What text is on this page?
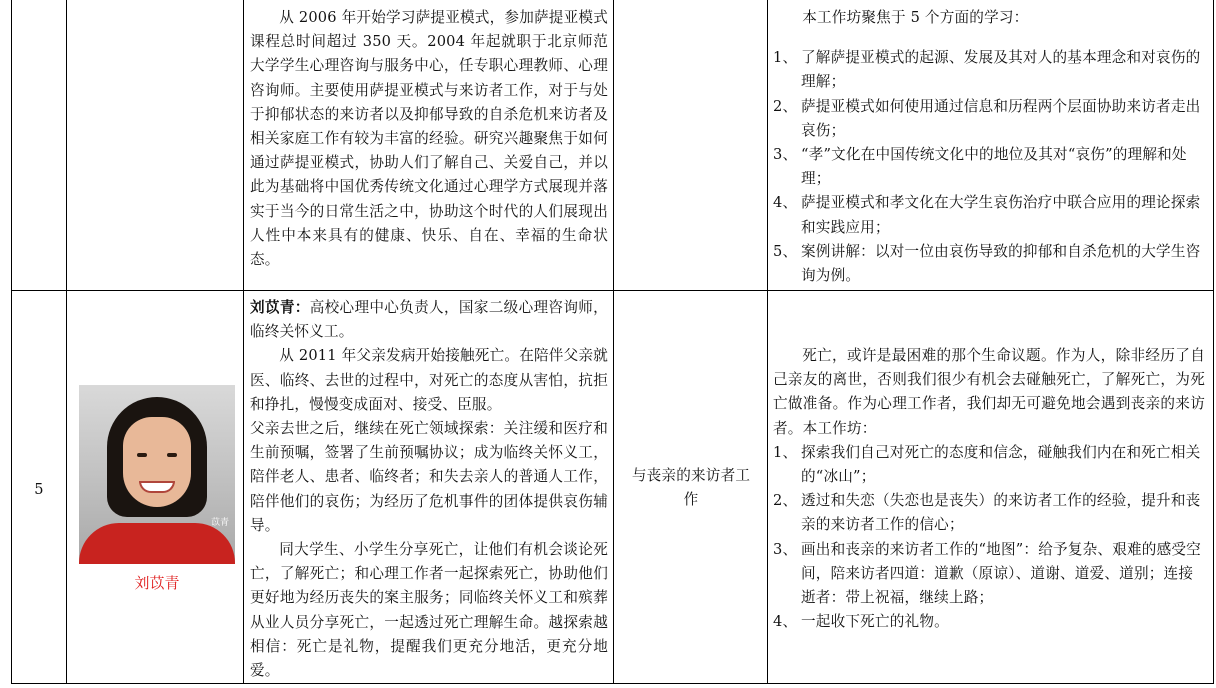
从 2006 年开始学习萨提亚模式，参加萨提亚模式课程总时间超过 350 天。2004 年起就职于北京师范大学学生心理咨询与服务中心，任专职心理教师、心理咨询师。主要使用萨提亚模式与来访者工作，对于与处于抑郁状态的来访者以及抑郁导致的自杀危机来访者及相关家庭工作有较为丰富的经验。研究兴趣聚焦于如何通过萨提亚模式，协助人们了解自己、关爱自己，并以此为基础将中国优秀传统文化通过心理学方式展现并落实于当今的日常生活之中，协助这个时代的人们展现出人性中本来具有的健康、快乐、自在、幸福的生命状态。

本工作坊聚焦于 5 个方面的学习：

1、 了解萨提亚模式的起源、发展及其对人的基本理念和对哀伤的理解；
2、 萨提亚模式如何使用通过信息和历程两个层面协助来访者走出哀伤；
3、 “孝”文化在中国传统文化中的地位及其对“哀伤”的理解和处理；
4、 萨提亚模式和孝文化在大学生哀伤治疗中联合应用的理论探索和实践应用；
5、 案例讲解：以对一位由哀伤导致的抑郁和自杀危机的大学生咨询为例。
5
苡青
刘苡青

刘苡青：高校心理中心负责人，国家二级心理咨询师，临终关怀义工。

从 2011 年父亲发病开始接触死亡。在陪伴父亲就医、临终、去世的过程中，对死亡的态度从害怕，抗拒和挣扎，慢慢变成面对、接受、臣服。

父亲去世之后，继续在死亡领域探索：关注缓和医疗和生前预嘱，签署了生前预嘱协议；成为临终关怀义工，陪伴老人、患者、临终者；和失去亲人的普通人工作，陪伴他们的哀伤；为经历了危机事件的团体提供哀伤辅导。

同大学生、小学生分享死亡，让他们有机会谈论死亡，了解死亡；和心理工作者一起探索死亡，协助他们更好地为经历丧失的案主服务；同临终关怀义工和殡葬从业人员分享死亡，一起透过死亡理解生命。越探索越相信：死亡是礼物，提醒我们更充分地活，更充分地爱。

与丧亲的来访者工作

死亡，或许是最困难的那个生命议题。作为人，除非经历了自己亲友的离世，否则我们很少有机会去碰触死亡，了解死亡，为死亡做准备。作为心理工作者，我们却无可避免地会遇到丧亲的来访者。本工作坊：

1、 探索我们自己对死亡的态度和信念，碰触我们内在和死亡相关的“冰山”；
2、 透过和失恋（失恋也是丧失）的来访者工作的经验，提升和丧亲的来访者工作的信心；
3、 画出和丧亲的来访者工作的“地图”：给予复杂、艰难的感受空间，陪来访者四道：道歉（原谅）、道谢、道爱、道别；连接逝者：带上祝福，继续上路；
4、 一起收下死亡的礼物。
